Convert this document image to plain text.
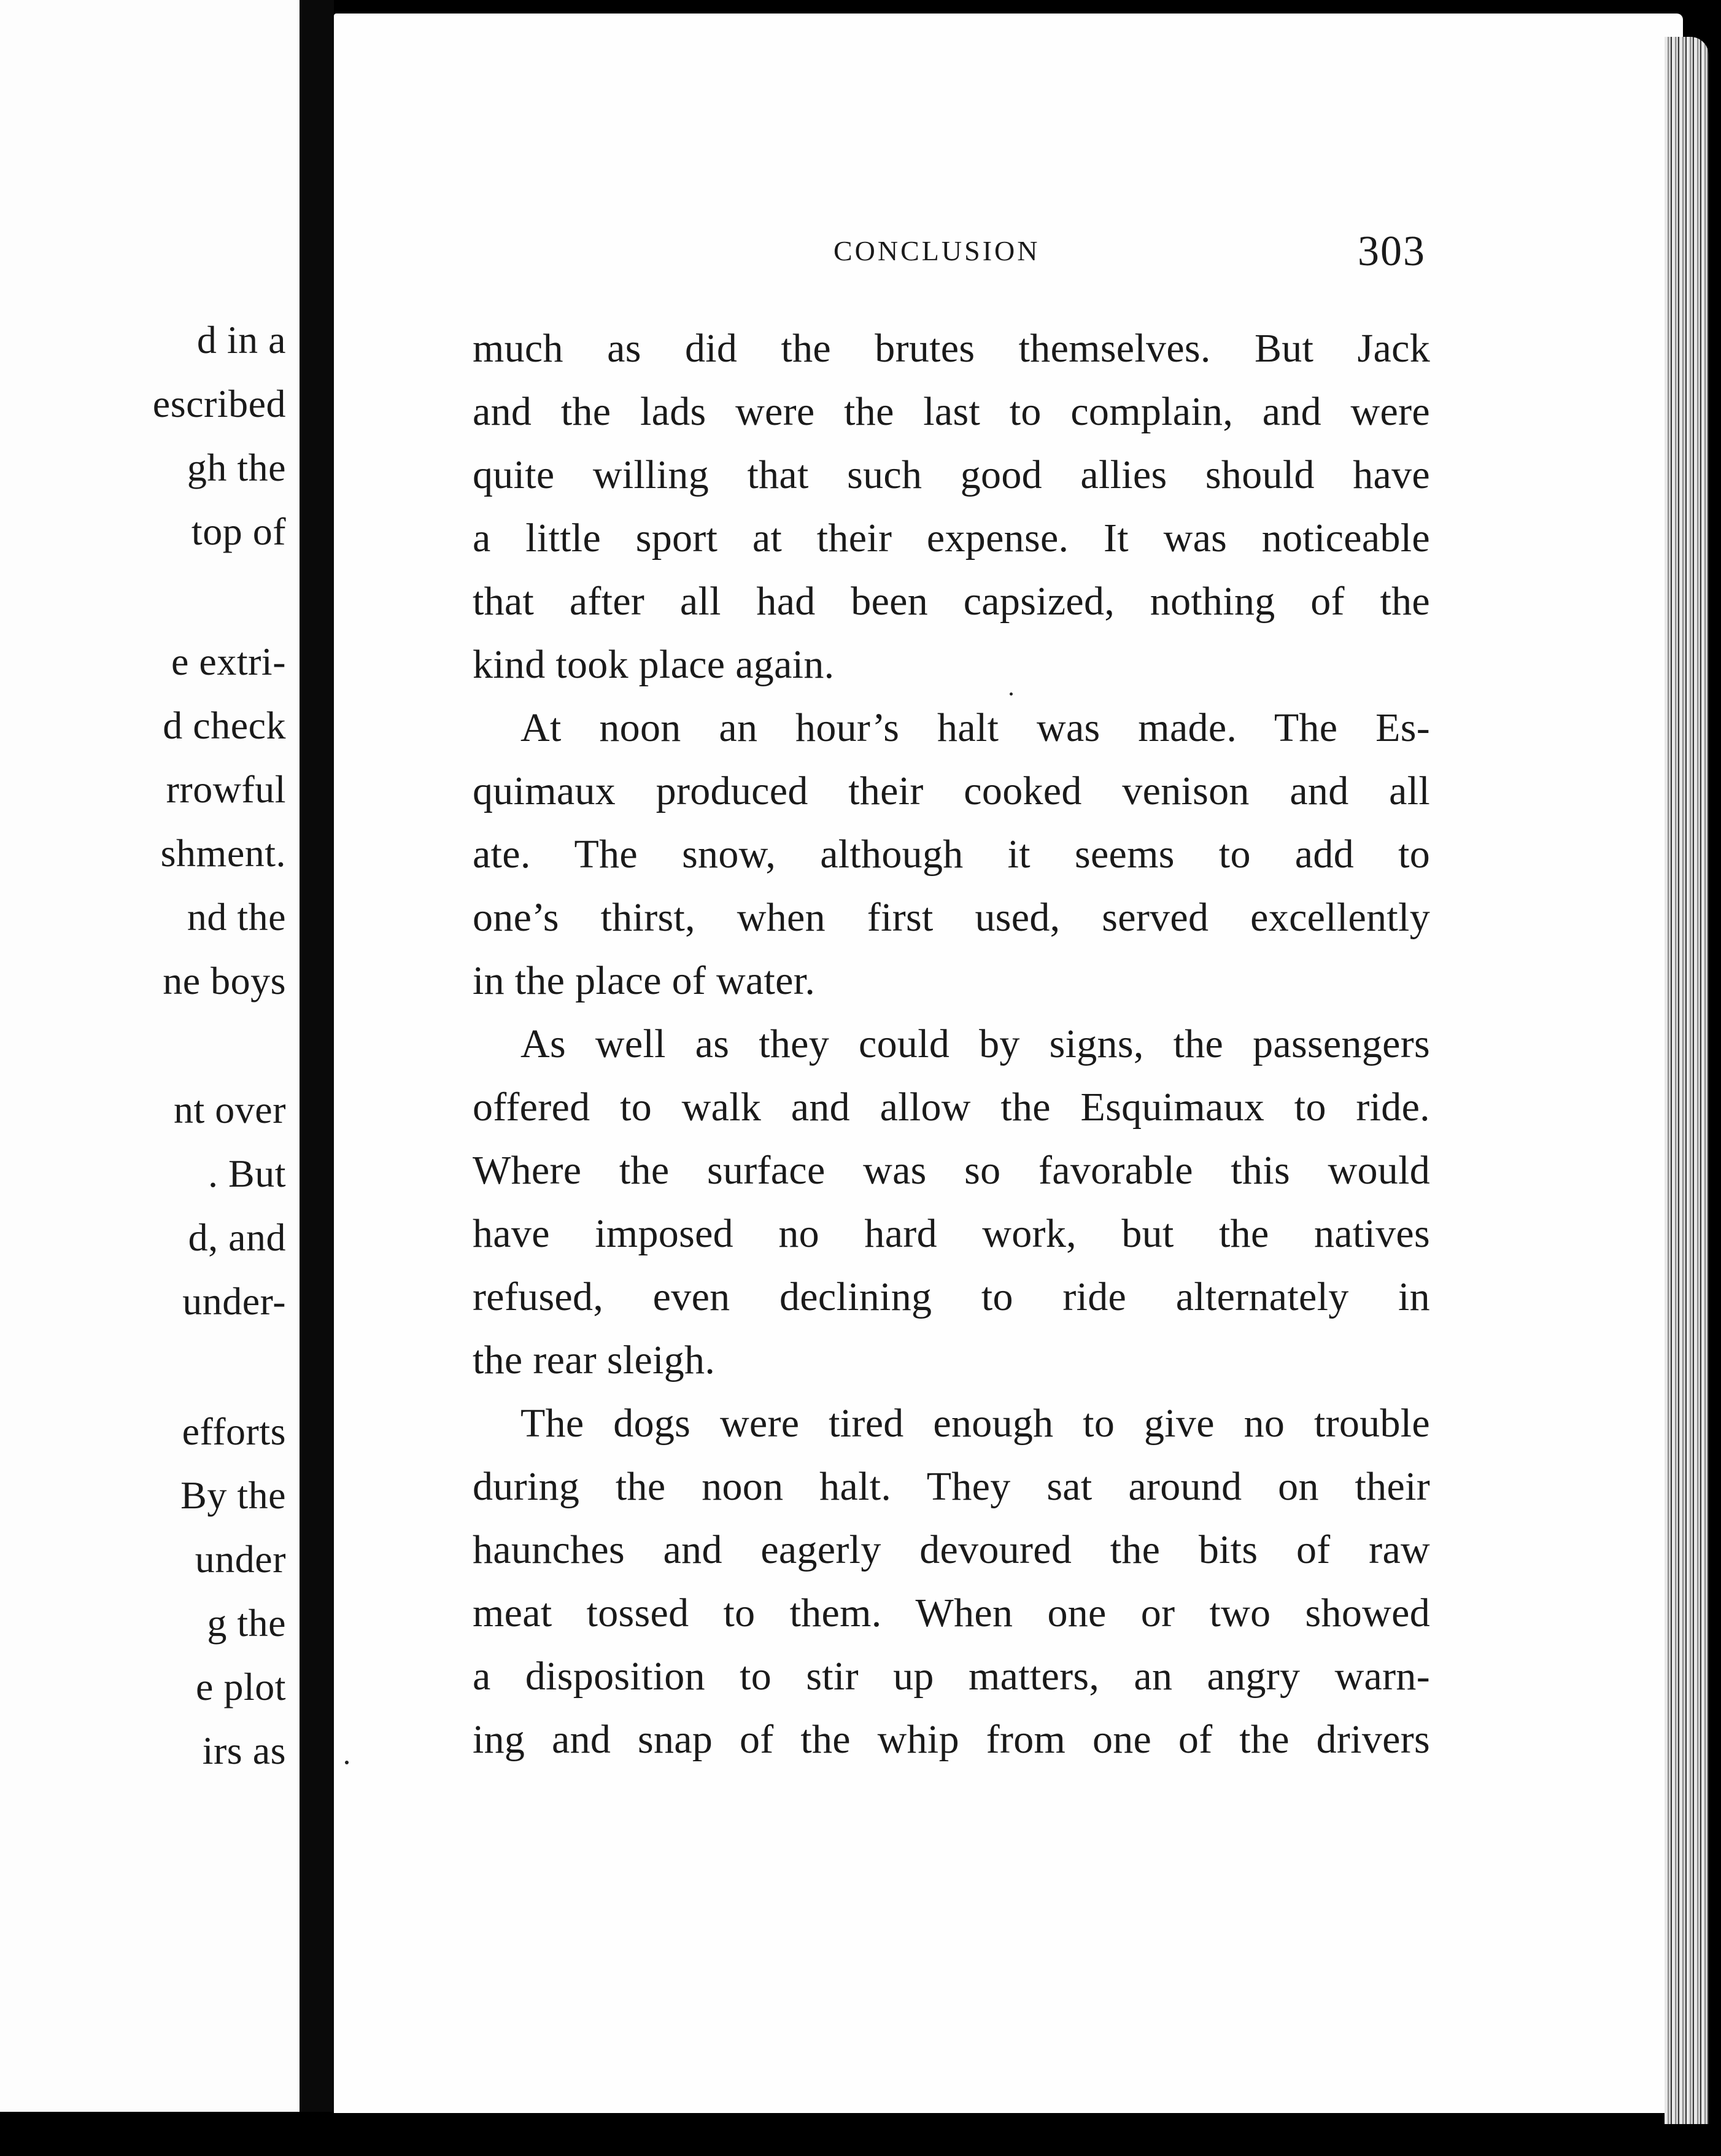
d in a
escribed
gh the
top of
e extri-
d check
rrowful
shment.
nd the
ne boys
nt over
. But
d, and
under-
efforts
By the
under
g the
e plot
irs as
CONCLUSION	303
much as did the brutes themselves. But Jack
and the lads were the last to complain, and were
quite willing that such good allies should have
a little sport at their expense. It was noticeable
that after all had been capsized, nothing of the
kind took place again.
At noon an hour’s halt was made. The Es-
quimaux produced their cooked venison and all
ate. The snow, although it seems to add to
one’s thirst, when first used, served excellently
in the place of water.
As well as they could by signs, the passengers
offered to walk and allow the Esquimaux to ride.
Where the surface was so favorable this would
have imposed no hard work, but the natives
refused, even declining to ride alternately in
the rear sleigh.
The dogs were tired enough to give no trouble
during the noon halt. They sat around on their
haunches and eagerly devoured the bits of raw
meat tossed to them. When one or two showed
a disposition to stir up matters, an angry warn-
ing and snap of the whip from one of the drivers
